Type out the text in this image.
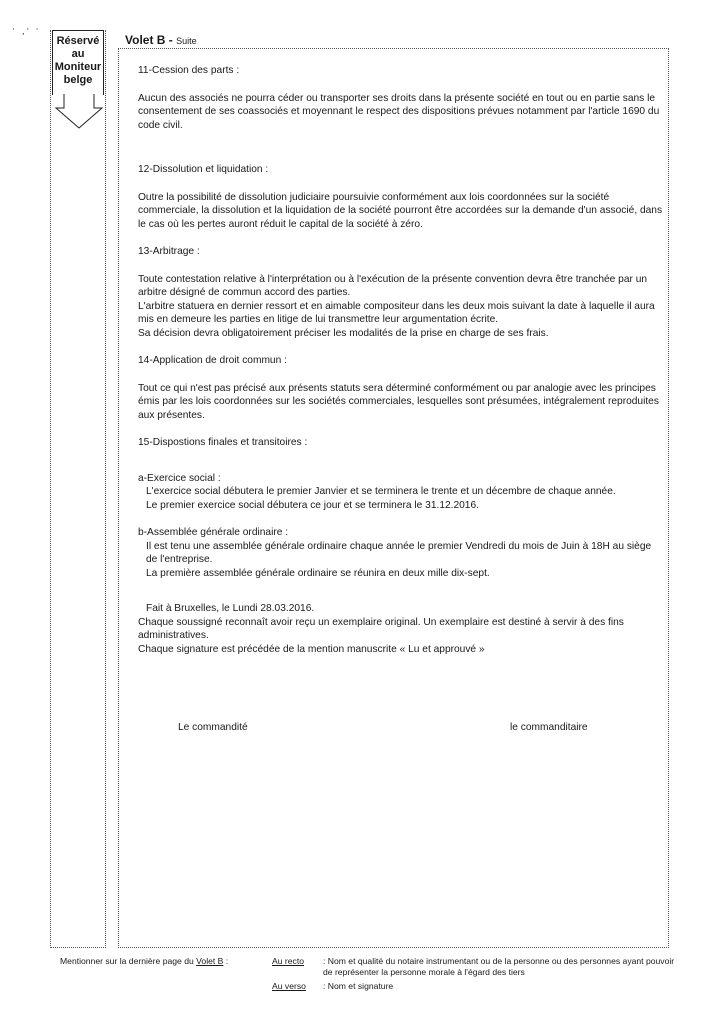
˙ ·˙ ˙
Réservé
au
Moniteur
belge
Volet B - Suite

11-Cession des parts :

Aucun des associés ne pourra céder ou transporter ses droits dans la présente société en tout ou en partie sans le consentement de ses coassociés et moyennant le respect des dispositions prévues notamment par l'article 1690 du code civil.

12-Dissolution et liquidation :

Outre la possibilité de dissolution judiciaire poursuivie conformément aux lois coordonnées sur la société commerciale, la dissolution et la liquidation de la société pourront être accordées sur la demande d'un associé, dans le cas où les pertes auront réduit le capital de la société à zéro.

13-Arbitrage :

Toute contestation relative à l'interprétation ou à l'exécution de la présente convention devra être tranchée par un arbitre désigné de commun accord des parties.

L'arbitre statuera en dernier ressort et en aimable compositeur dans les deux mois suivant la date à laquelle il aura mis en demeure les parties en litige de lui transmettre leur argumentation écrite.

Sa décision devra obligatoirement préciser les modalités de la prise en charge de ses frais.

14-Application de droit commun :

Tout ce qui n'est pas précisé aux présents statuts sera déterminé conformément ou par analogie avec les principes émis par les lois coordonnées sur les sociétés commerciales, lesquelles sont présumées, intégralement reproduites aux présentes.

15-Dispostions finales et transitoires :

a-Exercice social :

L'exercice social débutera le premier Janvier et se terminera le trente et un décembre de chaque année.

Le premier exercice social débutera ce jour et se terminera le 31.12.2016.

b-Assemblée générale ordinaire :

Il est tenu une assemblée générale ordinaire chaque année le premier Vendredi du mois de Juin à 18H au siège de l'entreprise.

La première assemblée générale ordinaire se réunira en deux mille dix-sept.

Fait à Bruxelles, le Lundi 28.03.2016.

Chaque soussigné reconnaît avoir reçu un exemplaire original. Un exemplaire est destiné à servir à des fins administratives.

Chaque signature est précédée de la mention manuscrite « Lu et approuvé »

Le commandité	le commanditaire
Mentionner sur la dernière page du Volet B :	Au recto : Nom et qualité du notaire instrumentant ou de la personne ou des personnes ayant pouvoir de représenter la personne morale à l'égard des tiers
Au verso : Nom et signature
